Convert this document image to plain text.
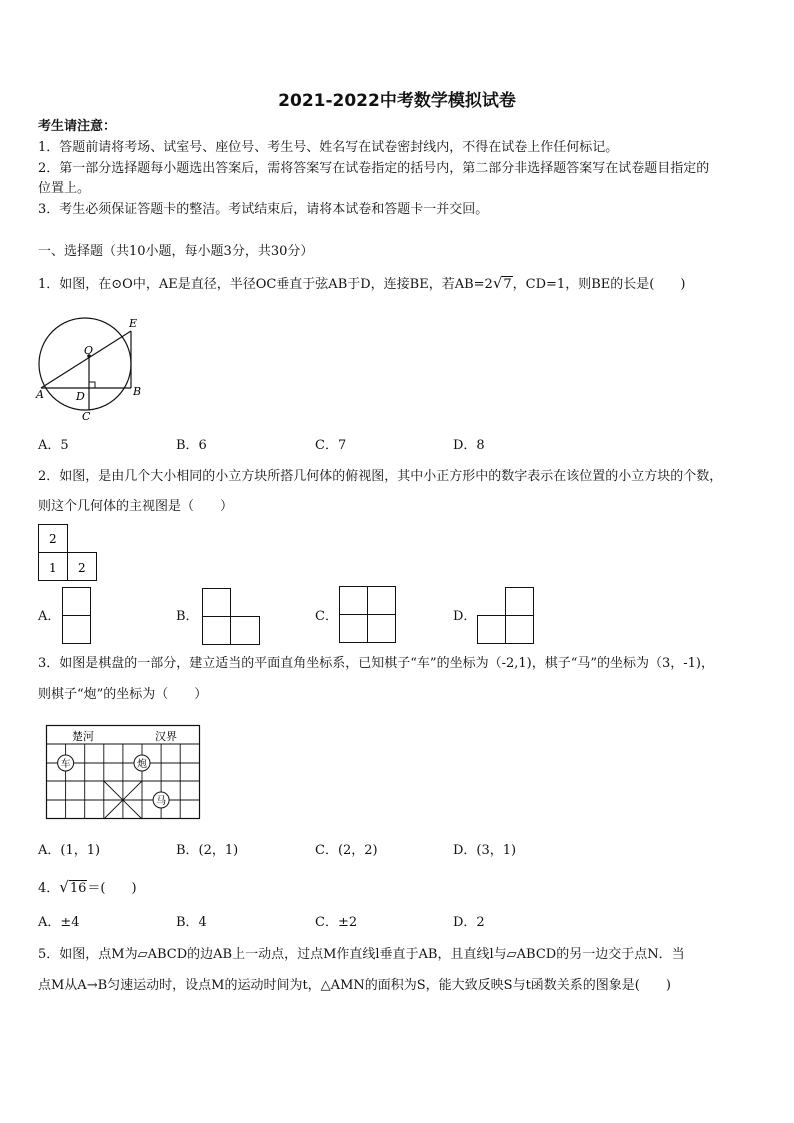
2021-2022中考数学模拟试卷
考生请注意：
1．答题前请将考场、试室号、座位号、考生号、姓名写在试卷密封线内，不得在试卷上作任何标记。
2．第一部分选择题每小题选出答案后，需将答案写在试卷指定的括号内，第二部分非选择题答案写在试卷题目指定的
位置上。
3．考生必须保证答题卡的整洁。考试结束后，请将本试卷和答题卡一并交回。
一、选择题（共10小题，每小题3分，共30分）
1．如图，在⊙O中，AE是直径，半径OC垂直于弦AB于D，连接BE，若AB=2√7，CD=1，则BE的长是(　　)
E
O
A	D	B
C
A．5	B．6	C．7	D．8
2．如图，是由几个大小相同的小立方块所搭几何体的俯视图，其中小正方形中的数字表示在该位置的小立方块的个数，
则这个几何体的主视图是（　　）
2
1 2
A．	B．	C．	D．
3．如图是棋盘的一部分，建立适当的平面直角坐标系，已知棋子“车”的坐标为（-2,1)，棋子“马”的坐标为（3，-1)，
则棋子“炮”的坐标为（　　）
楚河	汉界
车	炮
马
A．(1，1)	B．(2，1)	C．(2，2)	D．(3，1)
4．√16＝(　　)
A．±4	B．4	C．±2	D．2
5．如图，点M为▱ABCD的边AB上一动点，过点M作直线l垂直于AB，且直线l与▱ABCD的另一边交于点N．当
点M从A→B匀速运动时，设点M的运动时间为t，△AMN的面积为S，能大致反映S与t函数关系的图象是(　　)
